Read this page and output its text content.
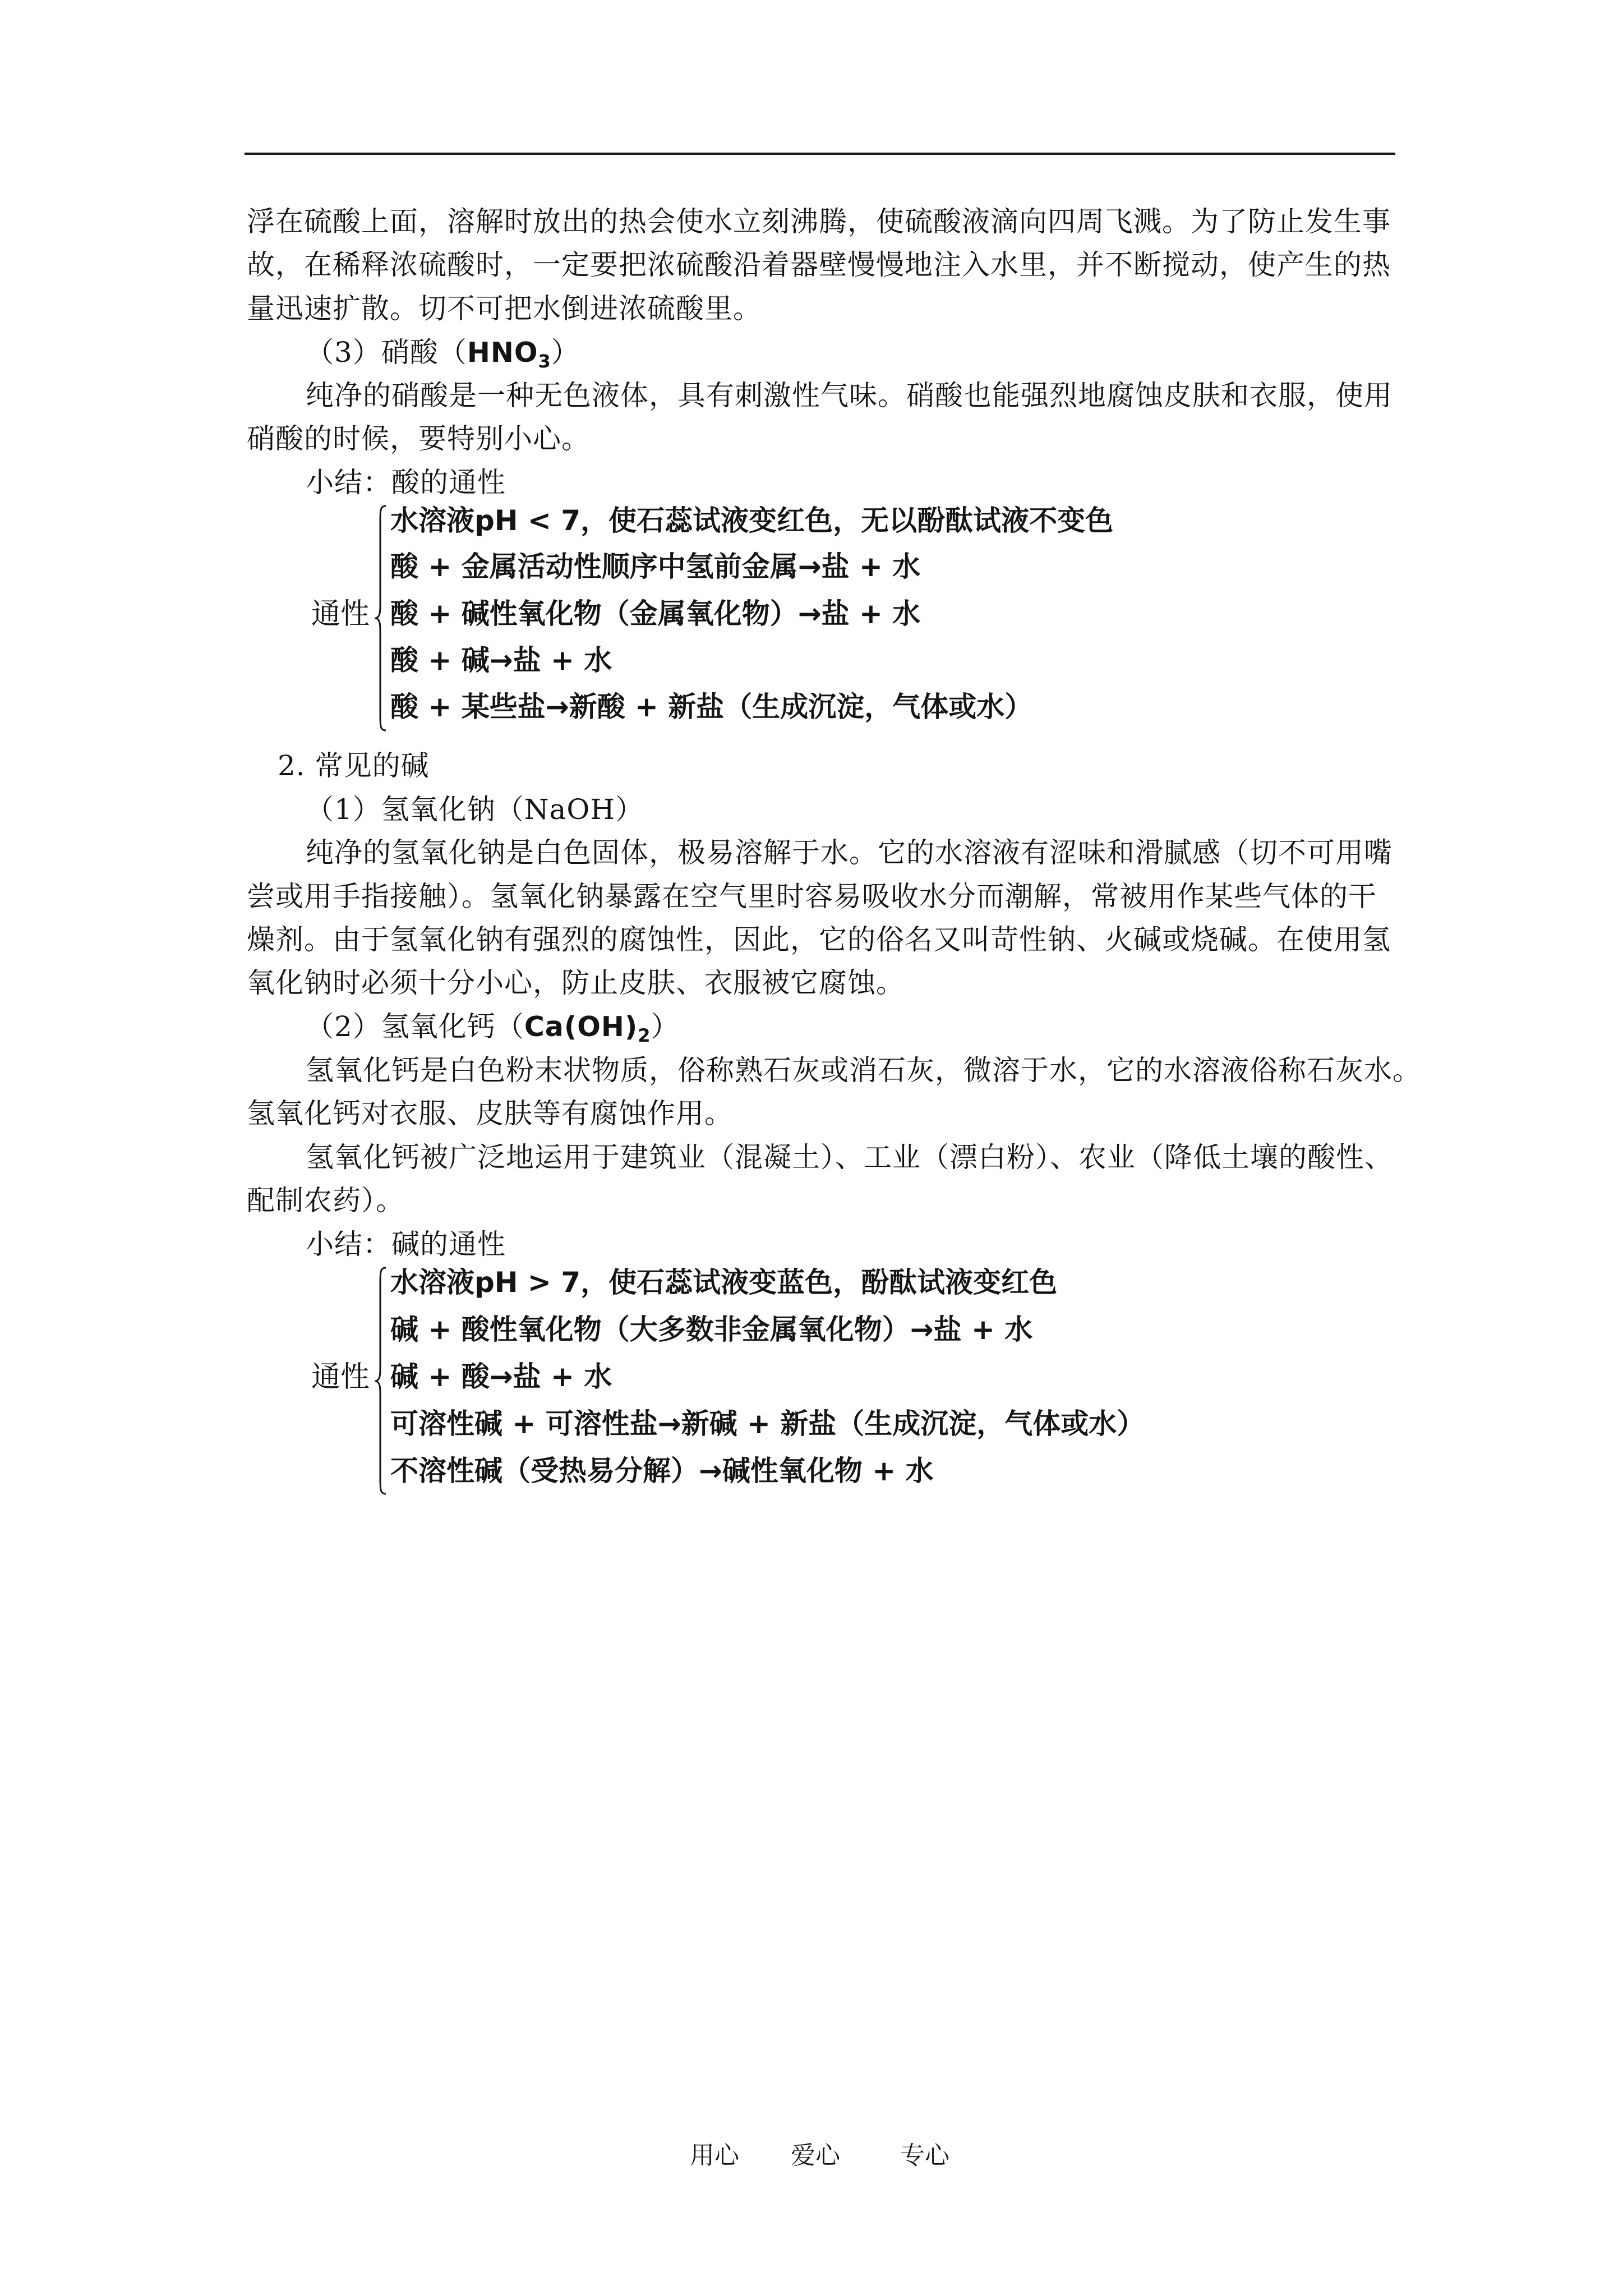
浮在硫酸上面，溶解时放出的热会使水立刻沸腾，使硫酸液滴向四周飞溅。为了防止发生事
故，在稀释浓硫酸时，一定要把浓硫酸沿着器壁慢慢地注入水里，并不断搅动，使产生的热
量迅速扩散。切不可把水倒进浓硫酸里。
（3）硝酸$(HNO_3)$
纯净的硝酸是一种无色液体，具有刺激性气味。硝酸也能强烈地腐蚀皮肤和衣服，使用
硝酸的时候，要特别小心。
小结：酸的通性
通性
水溶液pH < 7，使石蕊试液变红色，无以酚酞试液不变色
酸 + 金属活动性顺序中氢前金属→盐 + 水
酸 + 碱性氧化物（金属氧化物）→盐 + 水
酸 + 碱→盐 + 水
酸 + 某些盐→新酸 + 新盐（生成沉淀，气体或水）
2. 常见的碱
（1）氢氧化钠（NaOH）
纯净的氢氧化钠是白色固体，极易溶解于水。它的水溶液有涩味和滑腻感（切不可用嘴
尝或用手指接触）。氢氧化钠暴露在空气里时容易吸收水分而潮解，常被用作某些气体的干
燥剂。由于氢氧化钠有强烈的腐蚀性，因此，它的俗名又叫苛性钠、火碱或烧碱。在使用氢
氧化钠时必须十分小心，防止皮肤、衣服被它腐蚀。
（2）氢氧化钙$(Ca(OH)_2)$
氢氧化钙是白色粉末状物质，俗称熟石灰或消石灰，微溶于水，它的水溶液俗称石灰水。
氢氧化钙对衣服、皮肤等有腐蚀作用。
氢氧化钙被广泛地运用于建筑业（混凝土）、工业（漂白粉）、农业（降低土壤的酸性、
配制农药）。
小结：碱的通性
通性
水溶液pH > 7，使石蕊试液变蓝色，酚酞试液变红色
碱 + 酸性氧化物（大多数非金属氧化物）→盐 + 水
碱 + 酸→盐 + 水
可溶性碱 + 可溶性盐→新碱 + 新盐（生成沉淀，气体或水）
不溶性碱（受热易分解）→碱性氧化物 + 水
用心 爱心 专心
